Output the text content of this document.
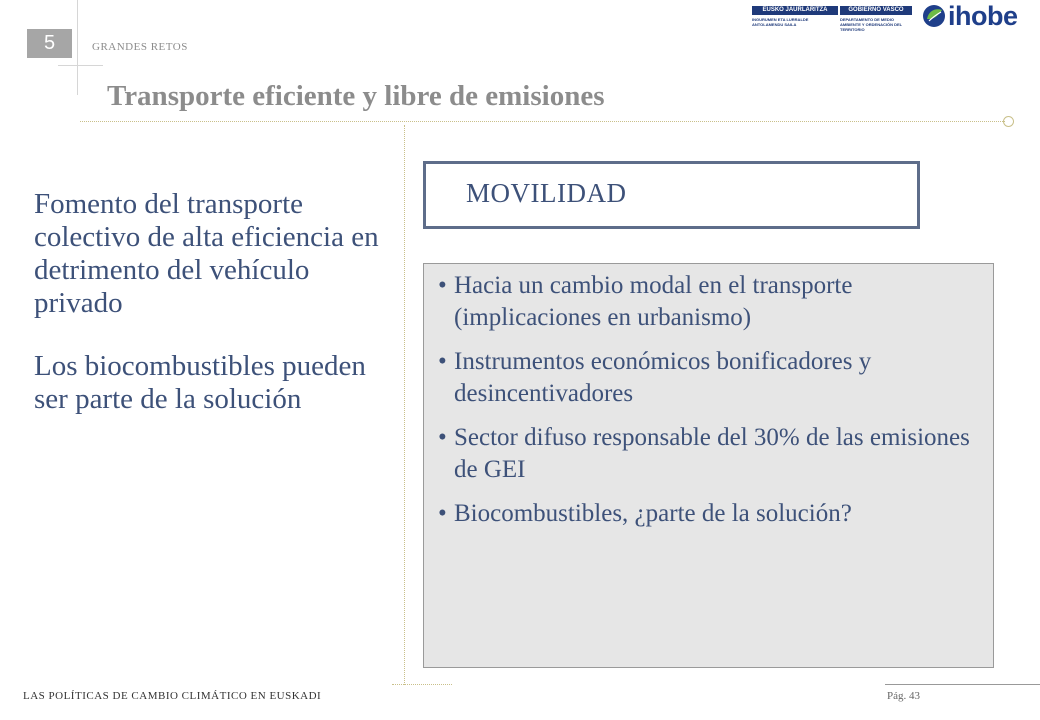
5	GRANDES RETOS
Transporte eficiente y libre de emisiones
EUSKO JAURLARITZA	GOBIERNO VASCO
INGURUMEN ETA LURRALDE ANTOLAMENDU SAILA
DEPARTAMENTO DE MEDIO AMBIENTE Y ORDENACIÓN DEL TERRITORIO	ihobe

Fomento del transporte colectivo de alta eficiencia en detrimento del vehículo privado

Los biocombustibles pueden ser parte de la solución

MOVILIDAD
• Hacia un cambio modal en el transporte (implicaciones en urbanismo)
• Instrumentos económicos bonificadores y desincentivadores
• Sector difuso responsable del 30% de las emisiones de GEI
• Biocombustibles, ¿parte de la solución?
LAS POLÍTICAS DE CAMBIO CLIMÁTICO EN EUSKADI	Pág. 43
